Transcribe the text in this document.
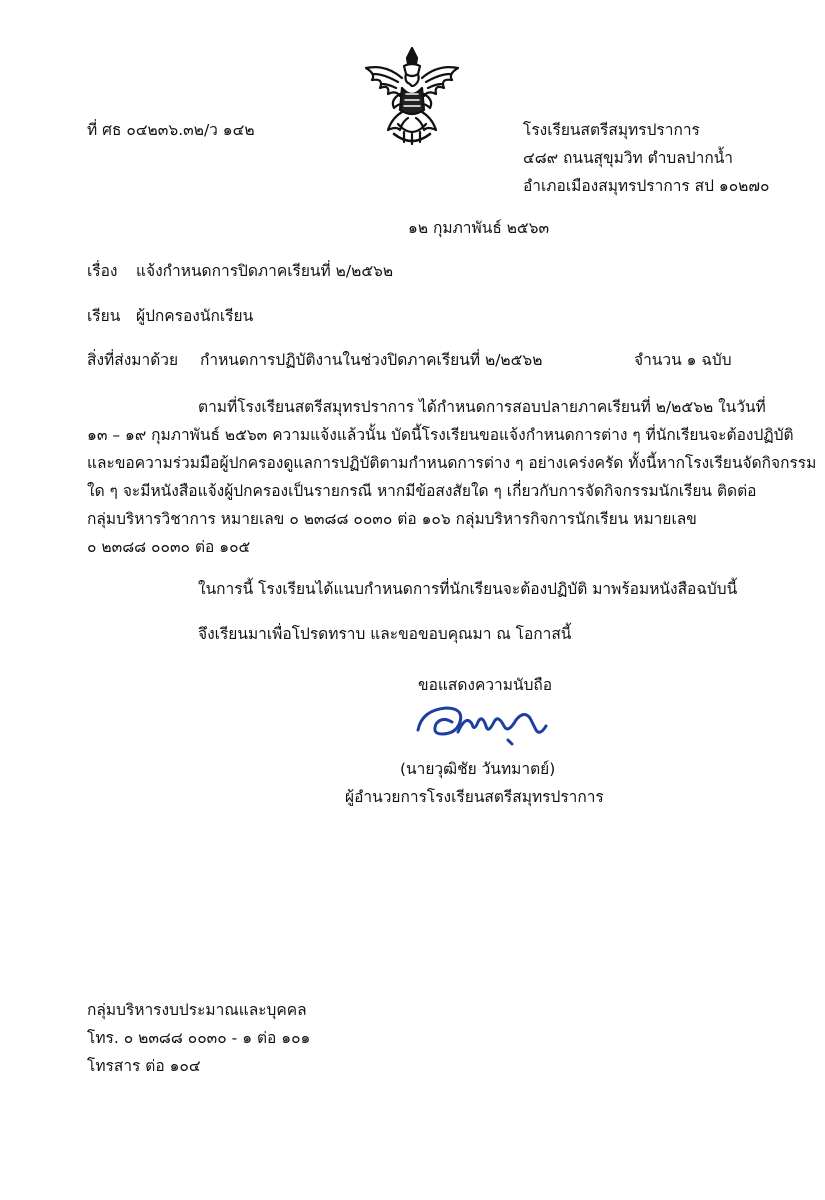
ที่ ศธ ๐๔๒๓๖.๓๒/ว ๑๔๒	โรงเรียนสตรีสมุทรปราการ
๔๘๙ ถนนสุขุมวิท ตำบลปากน้ำ
อำเภอเมืองสมุทรปราการ สป ๑๐๒๗๐
๑๒ กุมภาพันธ์ ๒๕๖๓
เรื่อง แจ้งกำหนดการปิดภาคเรียนที่ ๒/๒๕๖๒
เรียน ผู้ปกครองนักเรียน
สิ่งที่ส่งมาด้วย กำหนดการปฏิบัติงานในช่วงปิดภาคเรียนที่ ๒/๒๕๖๒	จำนวน ๑ ฉบับ
ตามที่โรงเรียนสตรีสมุทรปราการ ได้กำหนดการสอบปลายภาคเรียนที่ ๒/๒๕๖๒ ในวันที่
๑๓ – ๑๙ กุมภาพันธ์ ๒๕๖๓ ความแจ้งแล้วนั้น บัดนี้โรงเรียนขอแจ้งกำหนดการต่าง ๆ ที่นักเรียนจะต้องปฏิบัติ
และขอความร่วมมือผู้ปกครองดูแลการปฏิบัติตามกำหนดการต่าง ๆ อย่างเคร่งครัด ทั้งนี้หากโรงเรียนจัดกิจกรรม
ใด ๆ จะมีหนังสือแจ้งผู้ปกครองเป็นรายกรณี หากมีข้อสงสัยใด ๆ เกี่ยวกับการจัดกิจกรรมนักเรียน ติดต่อ
กลุ่มบริหารวิชาการ หมายเลข ๐ ๒๓๘๘ ๐๐๓๐ ต่อ ๑๐๖ กลุ่มบริหารกิจการนักเรียน หมายเลข
๐ ๒๓๘๘ ๐๐๓๐ ต่อ ๑๐๕
ในการนี้ โรงเรียนได้แนบกำหนดการที่นักเรียนจะต้องปฏิบัติ มาพร้อมหนังสือฉบับนี้
จึงเรียนมาเพื่อโปรดทราบ และขอขอบคุณมา ณ โอกาสนี้
ขอแสดงความนับถือ
(นายวุฒิชัย วันทมาตย์)
ผู้อำนวยการโรงเรียนสตรีสมุทรปราการ
กลุ่มบริหารงบประมาณและบุคคล
โทร. ๐ ๒๓๘๘ ๐๐๓๐ - ๑ ต่อ ๑๐๑
โทรสาร ต่อ ๑๐๔
